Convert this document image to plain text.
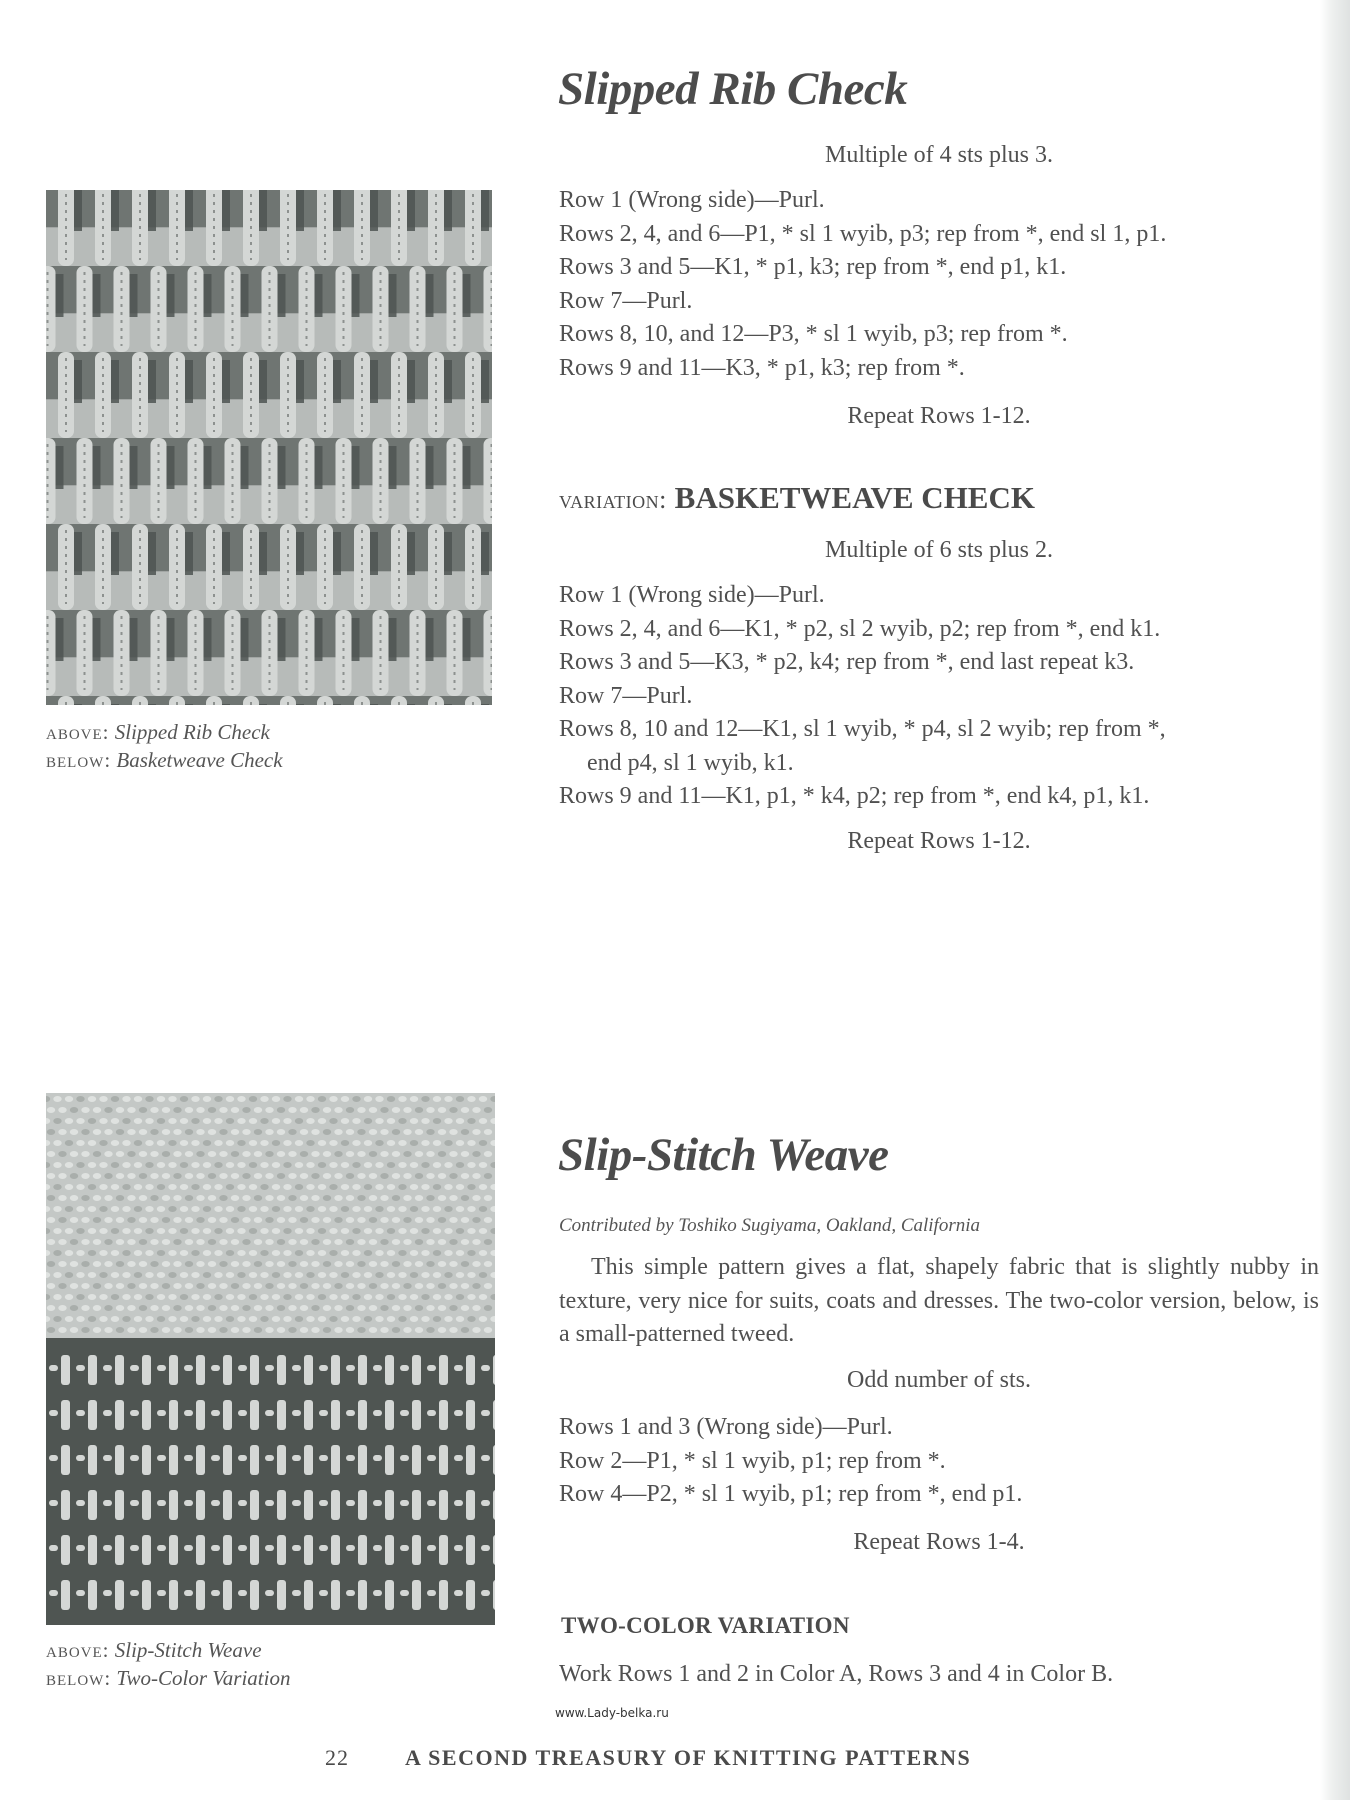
above: Slipped Rib Check
below: Basketweave Check
Slipped Rib Check
Multiple of 4 sts plus 3.
Row 1 (Wrong side)—Purl.
Rows 2, 4, and 6—P1, * sl 1 wyib, p3; rep from *, end sl 1, p1.
Rows 3 and 5—K1, * p1, k3; rep from *, end p1, k1.
Row 7—Purl.
Rows 8, 10, and 12—P3, * sl 1 wyib, p3; rep from *.
Rows 9 and 11—K3, * p1, k3; rep from *.
Repeat Rows 1-12.
variation: BASKETWEAVE CHECK
Multiple of 6 sts plus 2.
Row 1 (Wrong side)—Purl.
Rows 2, 4, and 6—K1, * p2, sl 2 wyib, p2; rep from *, end k1.
Rows 3 and 5—K3, * p2, k4; rep from *, end last repeat k3.
Row 7—Purl.
Rows 8, 10 and 12—K1, sl 1 wyib, * p4, sl 2 wyib; rep from *,
end p4, sl 1 wyib, k1.
Rows 9 and 11—K1, p1, * k4, p2; rep from *, end k4, p1, k1.
Repeat Rows 1-12.
above: Slip-Stitch Weave
below: Two-Color Variation
Slip-Stitch Weave
Contributed by Toshiko Sugiyama, Oakland, California

This simple pattern gives a flat, shapely fabric that is slightly nubby in texture, very nice for suits, coats and dresses. The two-color version, below, is a small-patterned tweed.

Odd number of sts.
Rows 1 and 3 (Wrong side)—Purl.
Row 2—P1, * sl 1 wyib, p1; rep from *.
Row 4—P2, * sl 1 wyib, p1; rep from *, end p1.
Repeat Rows 1-4.
TWO-COLOR VARIATION
Work Rows 1 and 2 in Color A, Rows 3 and 4 in Color B.
www.Lady-belka.ru
22	A SECOND TREASURY OF KNITTING PATTERNS
